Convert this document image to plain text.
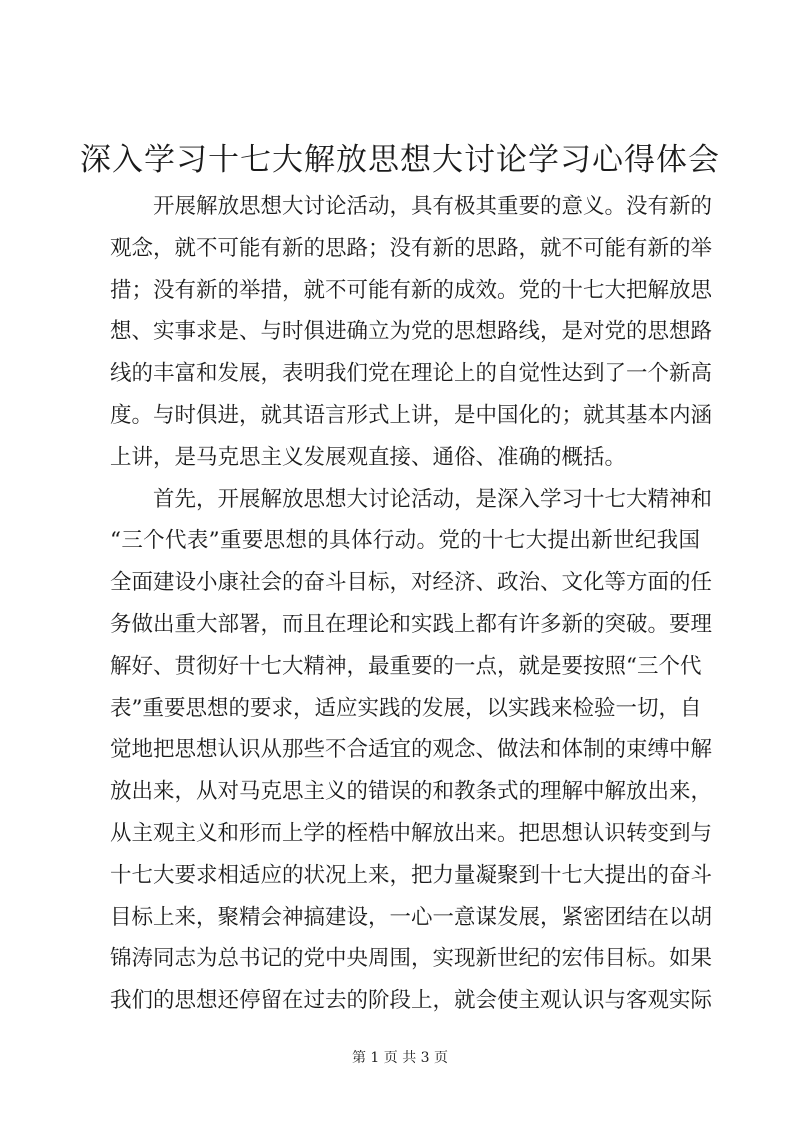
深入学习十七大解放思想大讨论学习心得体会
开展解放思想大讨论活动，具有极其重要的意义。没有新的
观念，就不可能有新的思路；没有新的思路，就不可能有新的举
措；没有新的举措，就不可能有新的成效。党的十七大把解放思
想、实事求是、与时俱进确立为党的思想路线，是对党的思想路
线的丰富和发展，表明我们党在理论上的自觉性达到了一个新高
度。与时俱进，就其语言形式上讲，是中国化的；就其基本内涵
上讲，是马克思主义发展观直接、通俗、准确的概括。
首先，开展解放思想大讨论活动，是深入学习十七大精神和
“三个代表”重要思想的具体行动。党的十七大提出新世纪我国
全面建设小康社会的奋斗目标，对经济、政治、文化等方面的任
务做出重大部署，而且在理论和实践上都有许多新的突破。要理
解好、贯彻好十七大精神，最重要的一点，就是要按照“三个代
表”重要思想的要求，适应实践的发展，以实践来检验一切，自
觉地把思想认识从那些不合适宜的观念、做法和体制的束缚中解
放出来，从对马克思主义的错误的和教条式的理解中解放出来，
从主观主义和形而上学的桎梏中解放出来。把思想认识转变到与
十七大要求相适应的状况上来，把力量凝聚到十七大提出的奋斗
目标上来，聚精会神搞建设，一心一意谋发展，紧密团结在以胡
锦涛同志为总书记的党中央周围，实现新世纪的宏伟目标。如果
我们的思想还停留在过去的阶段上，就会使主观认识与客观实际
第 1 页 共 3 页
